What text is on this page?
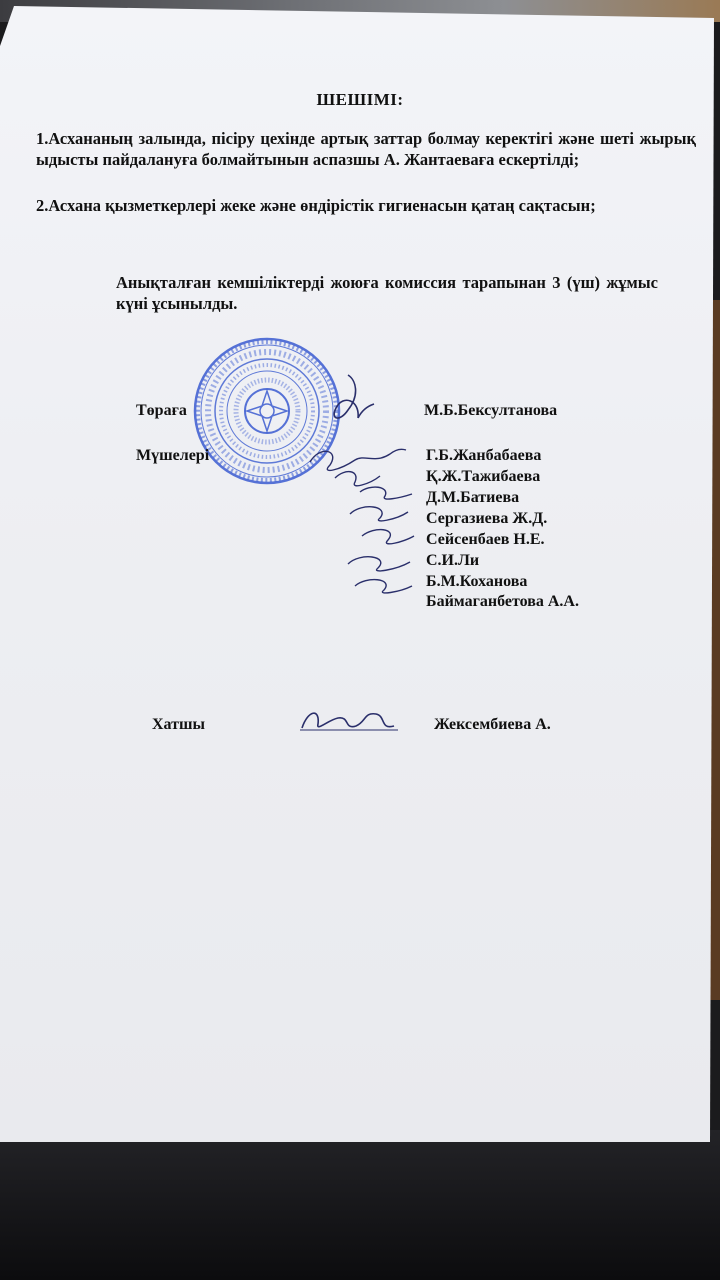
ШЕШІМІ:
1.Асхананың залында, пісіру цехінде артық заттар болмау керектігі және шеті жырық ыдысты пайдалануға болмайтынын аспазшы А. Жантаеваға ескертілді;
2.Асхана қызметкерлері жеке және өндірістік гигиенасын қатаң сақтасын;
Анықталған кемшіліктерді жоюға комиссия тарапынан 3 (үш) жұмыс күні ұсынылды.
Төраға	М.Б.Бексултанова
Мүшелері	Г.Б.Жанбабаева
Қ.Ж.Тажибаева
Д.М.Батиева
Сергазиева Ж.Д.
Сейсенбаев Н.Е.
С.И.Ли
Б.М.Коханова
Баймаганбетова А.А.
Хатшы	Жексембиева А.
